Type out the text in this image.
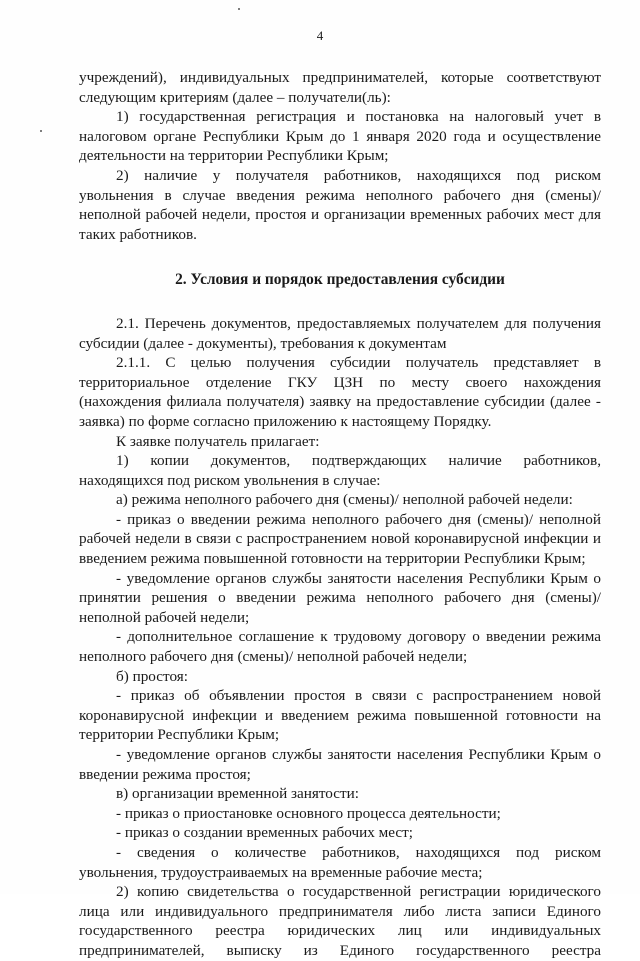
4
учреждений), индивидуальных предпринимателей, которые соответствуют
следующим критериям (далее – получатели(ль):
1) государственная регистрация и постановка на налоговый учет в
налоговом органе Республики Крым до 1 января 2020 года и осуществление
деятельности на территории Республики Крым;
2) наличие у получателя работников, находящихся под риском
увольнения в случае введения режима неполного рабочего дня (смены)/
неполной рабочей недели, простоя и организации временных рабочих мест для
таких работников.
2. Условия и порядок предоставления субсидии
2.1. Перечень документов, предоставляемых получателем для получения
субсидии (далее - документы), требования к документам
2.1.1. С целью получения субсидии получатель представляет в
территориальное отделение ГКУ ЦЗН по месту своего нахождения
(нахождения филиала получателя) заявку на предоставление субсидии (далее -
заявка) по форме согласно приложению к настоящему Порядку.
К заявке получатель прилагает:
1) копии документов, подтверждающих наличие работников,
находящихся под риском увольнения в случае:
а) режима неполного рабочего дня (смены)/ неполной рабочей недели:
- приказ о введении режима неполного рабочего дня (смены)/ неполной
рабочей недели в связи с распространением новой коронавирусной инфекции и
введением режима повышенной готовности на территории Республики Крым;
- уведомление органов службы занятости населения Республики Крым о
принятии решения о введении режима неполного рабочего дня (смены)/
неполной рабочей недели;
- дополнительное соглашение к трудовому договору о введении режима
неполного рабочего дня (смены)/ неполной рабочей недели;
б) простоя:
- приказ об объявлении простоя в связи с распространением новой
коронавирусной инфекции и введением режима повышенной готовности на
территории Республики Крым;
- уведомление органов службы занятости населения Республики Крым о
введении режима простоя;
в) организации временной занятости:
- приказ о приостановке основного процесса деятельности;
- приказ о создании временных рабочих мест;
- сведения о количестве работников, находящихся под риском
увольнения, трудоустраиваемых на временные рабочие места;
2) копию свидетельства о государственной регистрации юридического
лица или индивидуального предпринимателя либо листа записи Единого
государственного реестра юридических лиц или индивидуальных
предпринимателей, выписку из Единого государственного реестра
